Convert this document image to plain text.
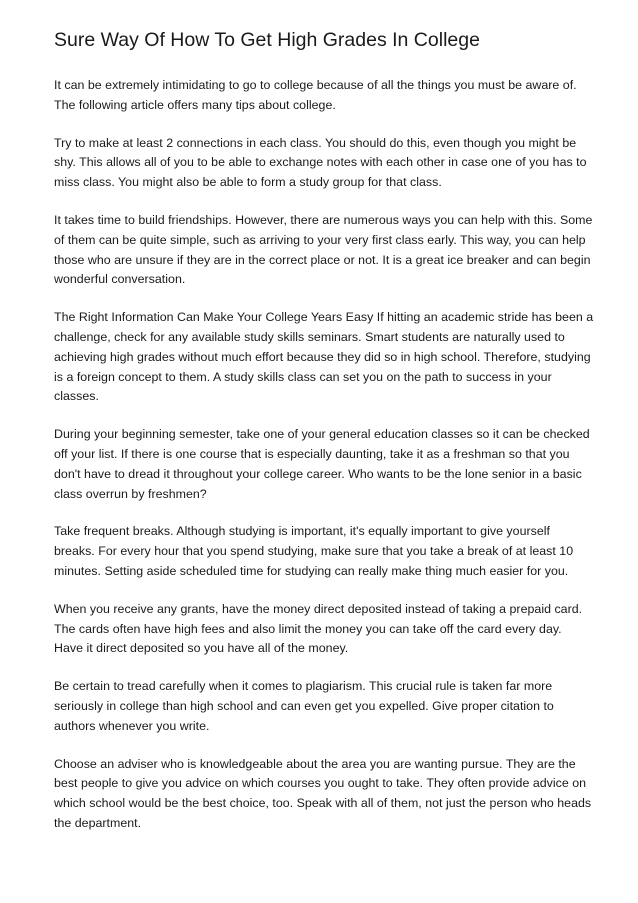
Sure Way Of How To Get High Grades In College

It can be extremely intimidating to go to college because of all the things you must be aware of. The following article offers many tips about college.

Try to make at least 2 connections in each class. You should do this, even though you might be shy. This allows all of you to be able to exchange notes with each other in case one of you has to miss class. You might also be able to form a study group for that class.

It takes time to build friendships. However, there are numerous ways you can help with this. Some of them can be quite simple, such as arriving to your very first class early. This way, you can help those who are unsure if they are in the correct place or not. It is a great ice breaker and can begin wonderful conversation.

The Right Information Can Make Your College Years Easy If hitting an academic stride has been a challenge, check for any available study skills seminars. Smart students are naturally used to achieving high grades without much effort because they did so in high school. Therefore, studying is a foreign concept to them. A study skills class can set you on the path to success in your classes.

During your beginning semester, take one of your general education classes so it can be checked off your list. If there is one course that is especially daunting, take it as a freshman so that you don't have to dread it throughout your college career. Who wants to be the lone senior in a basic class overrun by freshmen?

Take frequent breaks. Although studying is important, it's equally important to give yourself breaks. For every hour that you spend studying, make sure that you take a break of at least 10 minutes. Setting aside scheduled time for studying can really make thing much easier for you.

When you receive any grants, have the money direct deposited instead of taking a prepaid card. The cards often have high fees and also limit the money you can take off the card every day. Have it direct deposited so you have all of the money.

Be certain to tread carefully when it comes to plagiarism. This crucial rule is taken far more seriously in college than high school and can even get you expelled. Give proper citation to authors whenever you write.

Choose an adviser who is knowledgeable about the area you are wanting pursue. They are the best people to give you advice on which courses you ought to take. They often provide advice on which school would be the best choice, too. Speak with all of them, not just the person who heads the department.
